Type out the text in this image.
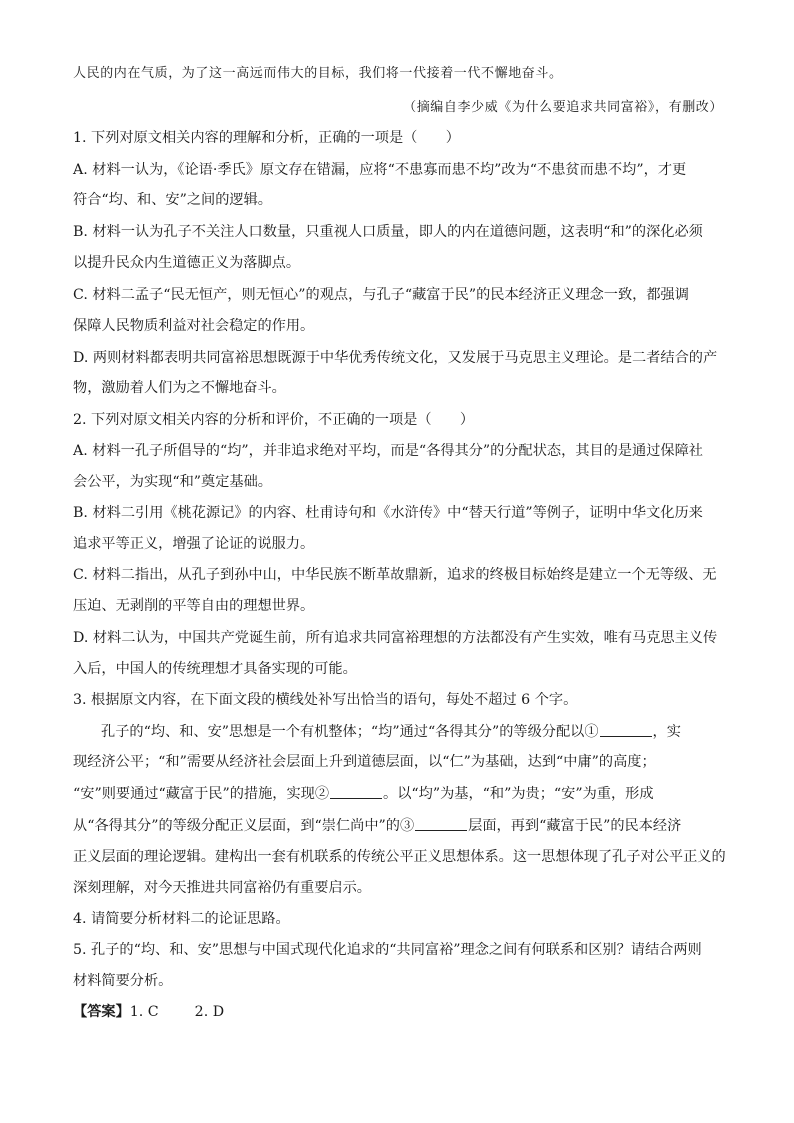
人民的内在气质，为了这一高远而伟大的目标，我们将一代接着一代不懈地奋斗。
（摘编自李少威《为什么要追求共同富裕》，有删改）
1. 下列对原文相关内容的理解和分析，正确的一项是（　　）
A. 材料一认为，《论语·季氏》原文存在错漏，应将“不患寡而患不均”改为“不患贫而患不均”，才更
符合“均、和、安”之间的逻辑。
B. 材料一认为孔子不关注人口数量，只重视人口质量，即人的内在道德问题，这表明“和”的深化必须
以提升民众内生道德正义为落脚点。
C. 材料二孟子“民无恒产，则无恒心”的观点，与孔子“藏富于民”的民本经济正义理念一致，都强调
保障人民物质利益对社会稳定的作用。
D. 两则材料都表明共同富裕思想既源于中华优秀传统文化，又发展于马克思主义理论。是二者结合的产
物，激励着人们为之不懈地奋斗。
2. 下列对原文相关内容的分析和评价，不正确的一项是（　　）
A. 材料一孔子所倡导的“均”，并非追求绝对平均，而是“各得其分”的分配状态，其目的是通过保障社
会公平，为实现“和”奠定基础。
B. 材料二引用《桃花源记》的内容、杜甫诗句和《水浒传》中“替天行道”等例子，证明中华文化历来
追求平等正义，增强了论证的说服力。
C. 材料二指出，从孔子到孙中山，中华民族不断革故鼎新，追求的终极目标始终是建立一个无等级、无
压迫、无剥削的平等自由的理想世界。
D. 材料二认为，中国共产党诞生前，所有追求共同富裕理想的方法都没有产生实效，唯有马克思主义传
入后，中国人的传统理想才具备实现的可能。
3. 根据原文内容，在下面文段的横线处补写出恰当的语句，每处不超过 6 个字。
孔子的“均、和、安”思想是一个有机整体；“均”通过“各得其分”的等级分配以①	，实
现经济公平；“和”需要从经济社会层面上升到道德层面，以“仁”为基础，达到“中庸”的高度；
“安”则要通过“藏富于民”的措施，实现②	。以“均”为基，“和”为贵；“安”为重，形成
从“各得其分”的等级分配正义层面，到“崇仁尚中”的③	层面，再到“藏富于民”的民本经济
正义层面的理论逻辑。建构出一套有机联系的传统公平正义思想体系。这一思想体现了孔子对公平正义的
深刻理解，对今天推进共同富裕仍有重要启示。
4. 请简要分析材料二的论证思路。
5. 孔子的“均、和、安”思想与中国式现代化追求的“共同富裕”理念之间有何联系和区别？请结合两则
材料简要分析。
【答案】1. C	2. D
